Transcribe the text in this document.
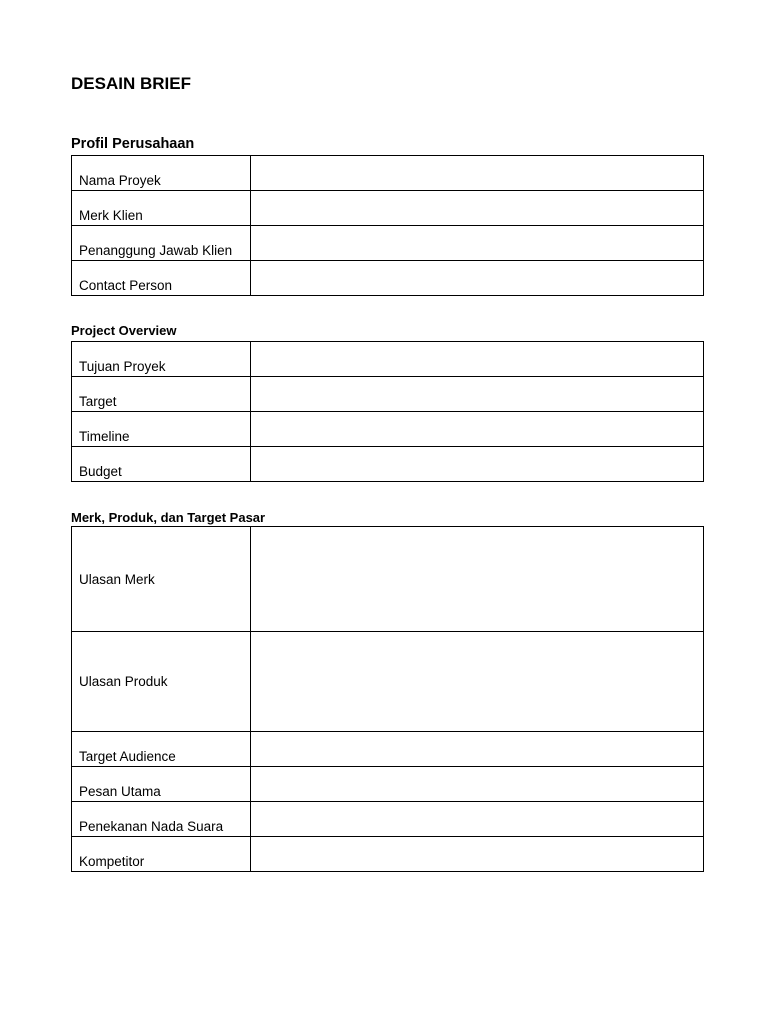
DESAIN BRIEF
Profil Perusahaan
Nama Proyek	
Merk Klien	
Penanggung Jawab Klien	
Contact Person	
Project Overview
Tujuan Proyek	
Target	
Timeline	
Budget	
Merk, Produk, dan Target Pasar
Ulasan Merk	
Ulasan Produk	
Target Audience	
Pesan Utama	
Penekanan Nada Suara	
Kompetitor	
